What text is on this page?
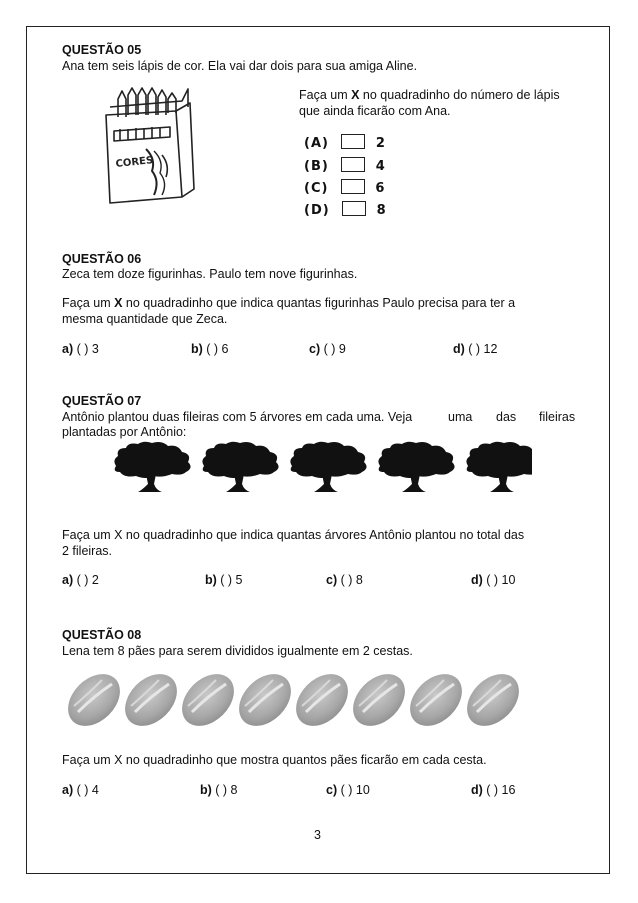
QUESTÃO 05
Ana tem seis lápis de cor. Ela vai dar dois para sua amiga Aline.
CORES
Faça um X no quadradinho do número de lápis
que ainda ficarão com Ana.
(A)	2
(B)	4
(C)	6
(D)	8
QUESTÃO 06
Zeca tem doze figurinhas. Paulo tem nove figurinhas.
Faça um X no quadradinho que indica quantas figurinhas Paulo precisa para ter a
mesma quantidade que Zeca.
a) ( ) 3	b) ( ) 6	c) ( ) 9	d) ( ) 12
QUESTÃO 07
Antônio plantou duas fileiras com 5 árvores em cada uma. Veja	uma das fileiras
plantadas por Antônio:
Faça um X no quadradinho que indica quantas árvores Antônio plantou no total das
2 fileiras.
a) ( ) 2	b) ( ) 5	c) ( ) 8	d) ( ) 10
QUESTÃO 08
Lena tem 8 pães para serem divididos igualmente em 2 cestas.
Faça um X no quadradinho que mostra quantos pães ficarão em cada cesta.
a) ( ) 4	b) ( ) 8	c) ( ) 10	d) ( ) 16
3
